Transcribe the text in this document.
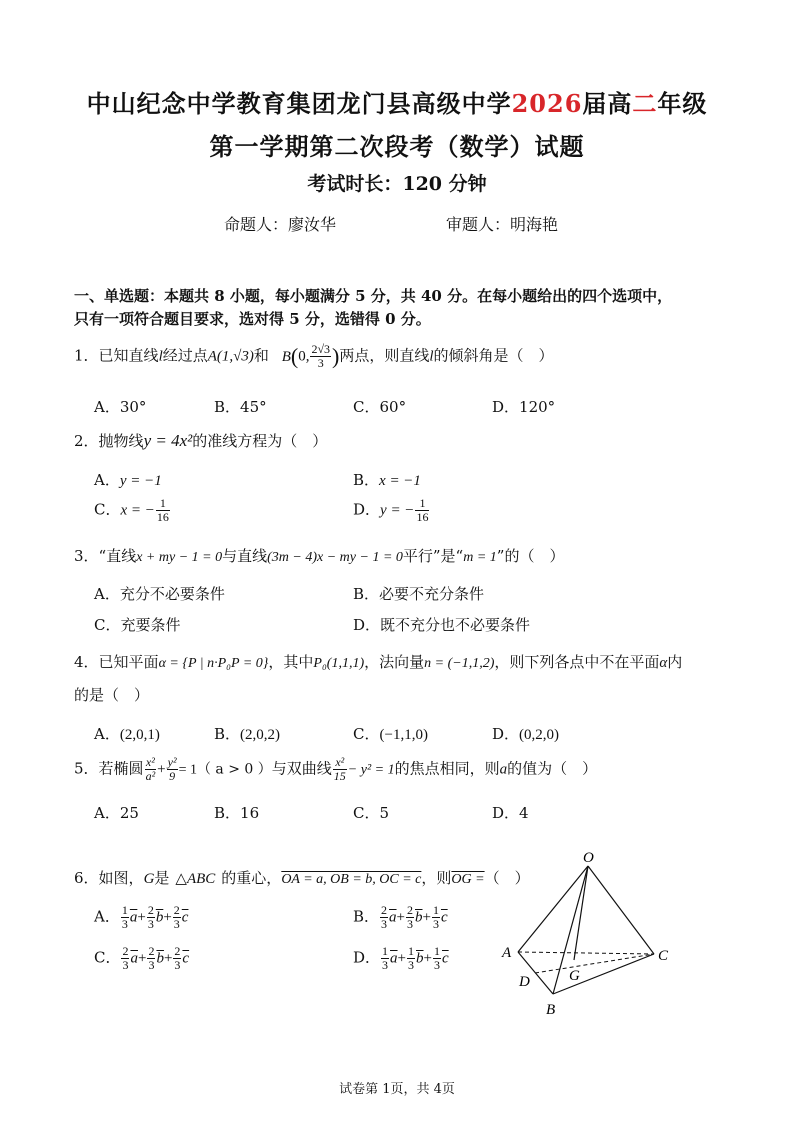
中山纪念中学教育集团龙门县高级中学2026届高二年级
第一学期第二次段考（数学）试题
考试时长：120 分钟
命题人：廖汝华	审题人：明海艳
一、单选题：本题共 8 小题，每小题满分 5 分，共 40 分。在每小题给出的四个选项中，
只有一项符合题目要求，选对得 5 分，选错得 0 分。
1．已知直线l经过点A(1,√3)和 B(0, $\frac{2√3}{3}$ )两点，则直线l的倾斜角是（　）
A．30°	B．45°	C．60°	D．120°
2．抛物线y = 4x²的准线方程为（　）
A．y = −1	B．x = −1
C．x = − $\frac{1}{16}$	D．y = − $\frac{1}{16}$
3．“直线x + my − 1 = 0与直线(3m − 4)x − my − 1 = 0平行”是“m = 1”的（　）
A．充分不必要条件	B．必要不充分条件
C．充要条件	D．既不充分也不必要条件
4．已知平面α = {P | n·P₀P = 0}，其中P₀(1,1,1)，法向量n = (−1,1,2)，则下列各点中不在平面α内
的是（　）
A．(2,0,1)	B．(2,0,2)	C．(−1,1,0)	D．(0,2,0)
5．若椭圆 $\frac{\text{x²}}{\text{a²}} + \frac{\text{y²}}{9} = 1$（ a > 0 ）与双曲线 $\frac{\text{x²}}{15} - y^2 = 1$的焦点相同，则a的值为（　）
A．25	B．16	C．5	D．4
6．如图，G是 △ABC 的重心，OA = a, OB = b, OC = c，则OG =（　）
A． $\frac{1}{3} \overline{a}+ \frac{2}{3} \overline{b}+ \frac{2}{3} \overline{c}$	B． $\frac{2}{3} \overline{a}+ \frac{2}{3} \overline{b}+ \frac{1}{3} \overline{c}$
C． $\frac{2}{3} \overline{a}+ \frac{2}{3} \overline{b}+ \frac{2}{3} \overline{c}$	D． $\frac{1}{3} \overline{a}+ \frac{1}{3} \overline{b}+ \frac{1}{3} \overline{c}$
O
A
B
C
D	G
试卷第 1页，共 4页
